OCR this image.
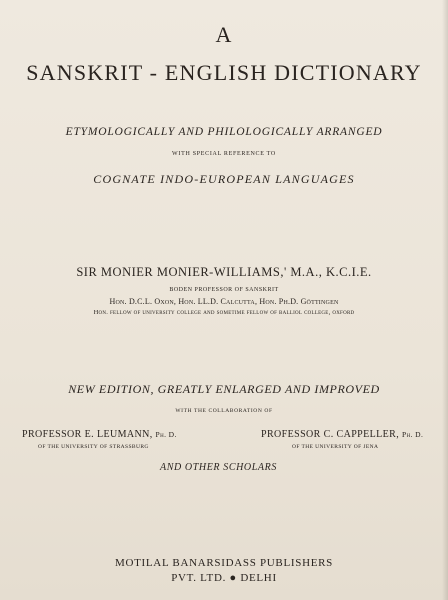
A
SANSKRIT - ENGLISH DICTIONARY
ETYMOLOGICALLY AND PHILOLOGICALLY ARRANGED
WITH SPECIAL REFERENCE TO
COGNATE INDO-EUROPEAN LANGUAGES
SIR MONIER MONIER-WILLIAMS,' M.A., K.C.I.E.
BODEN PROFESSOR OF SANSKRIT
Hon. D.C.L. Oxon, Hon. LL.D. Calcutta, Hon. Ph.D. Göttingen
Hon. fellow of university college and sometime fellow of balliol college, oxford
NEW EDITION, GREATLY ENLARGED AND IMPROVED
WITH THE COLLABORATION OF
PROFESSOR E. LEUMANN, Ph. D.
OF THE UNIVERSITY OF STRASSBURG
PROFESSOR C. CAPPELLER, Ph. D.
OF THE UNIVERSITY OF JENA
AND OTHER SCHOLARS
MOTILAL BANARSIDASS PUBLISHERS
PVT. LTD. ● DELHI
